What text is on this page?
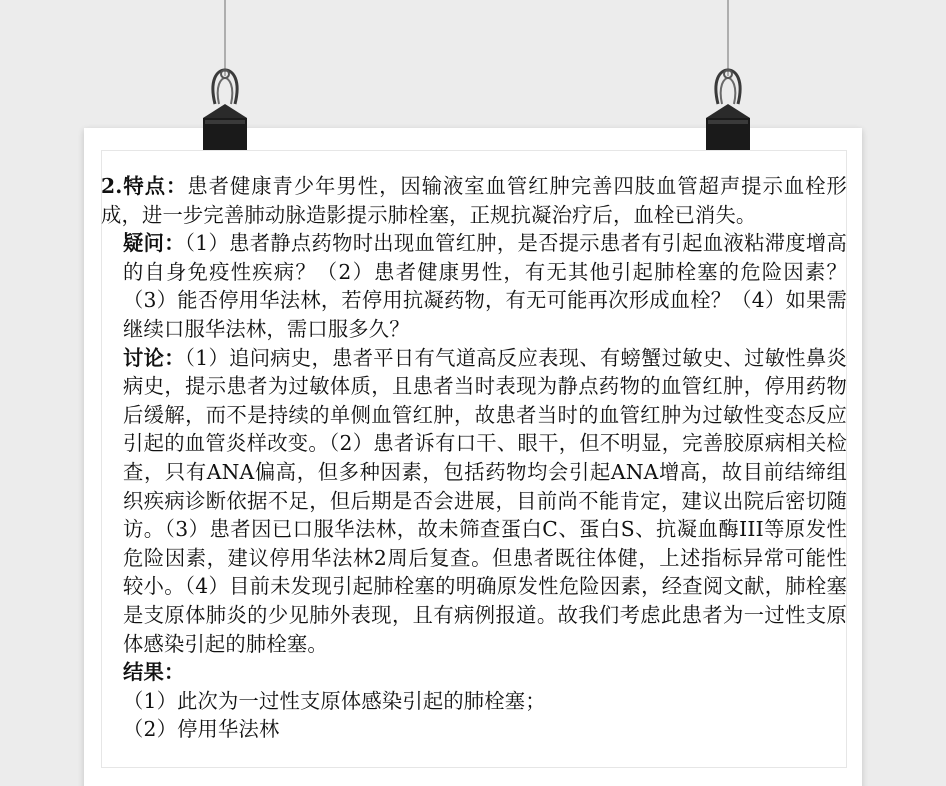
2.特点：患者健康青少年男性，因输液室血管红肿完善四肢血管超声提示血栓形成，进一步完善肺动脉造影提示肺栓塞，正规抗凝治疗后，血栓已消失。

疑问：（1）患者静点药物时出现血管红肿，是否提示患者有引起血液粘滞度增高的自身免疫性疾病？（2）患者健康男性，有无其他引起肺栓塞的危险因素？（3）能否停用华法林，若停用抗凝药物，有无可能再次形成血栓？（4）如果需继续口服华法林，需口服多久？

讨论：（1）追问病史，患者平日有气道高反应表现、有螃蟹过敏史、过敏性鼻炎病史，提示患者为过敏体质，且患者当时表现为静点药物的血管红肿，停用药物后缓解，而不是持续的单侧血管红肿，故患者当时的血管红肿为过敏性变态反应引起的血管炎样改变。（2）患者诉有口干、眼干，但不明显，完善胶原病相关检查，只有ANA偏高，但多种因素，包括药物均会引起ANA增高，故目前结缔组织疾病诊断依据不足，但后期是否会进展，目前尚不能肯定，建议出院后密切随访。（3）患者因已口服华法林，故未筛查蛋白C、蛋白S、抗凝血酶III等原发性危险因素，建议停用华法林2周后复查。但患者既往体健，上述指标异常可能性较小。（4）目前未发现引起肺栓塞的明确原发性危险因素，经查阅文献，肺栓塞是支原体肺炎的少见肺外表现，且有病例报道。故我们考虑此患者为一过性支原体感染引起的肺栓塞。

结果：

（1）此次为一过性支原体感染引起的肺栓塞；

（2）停用华法林
